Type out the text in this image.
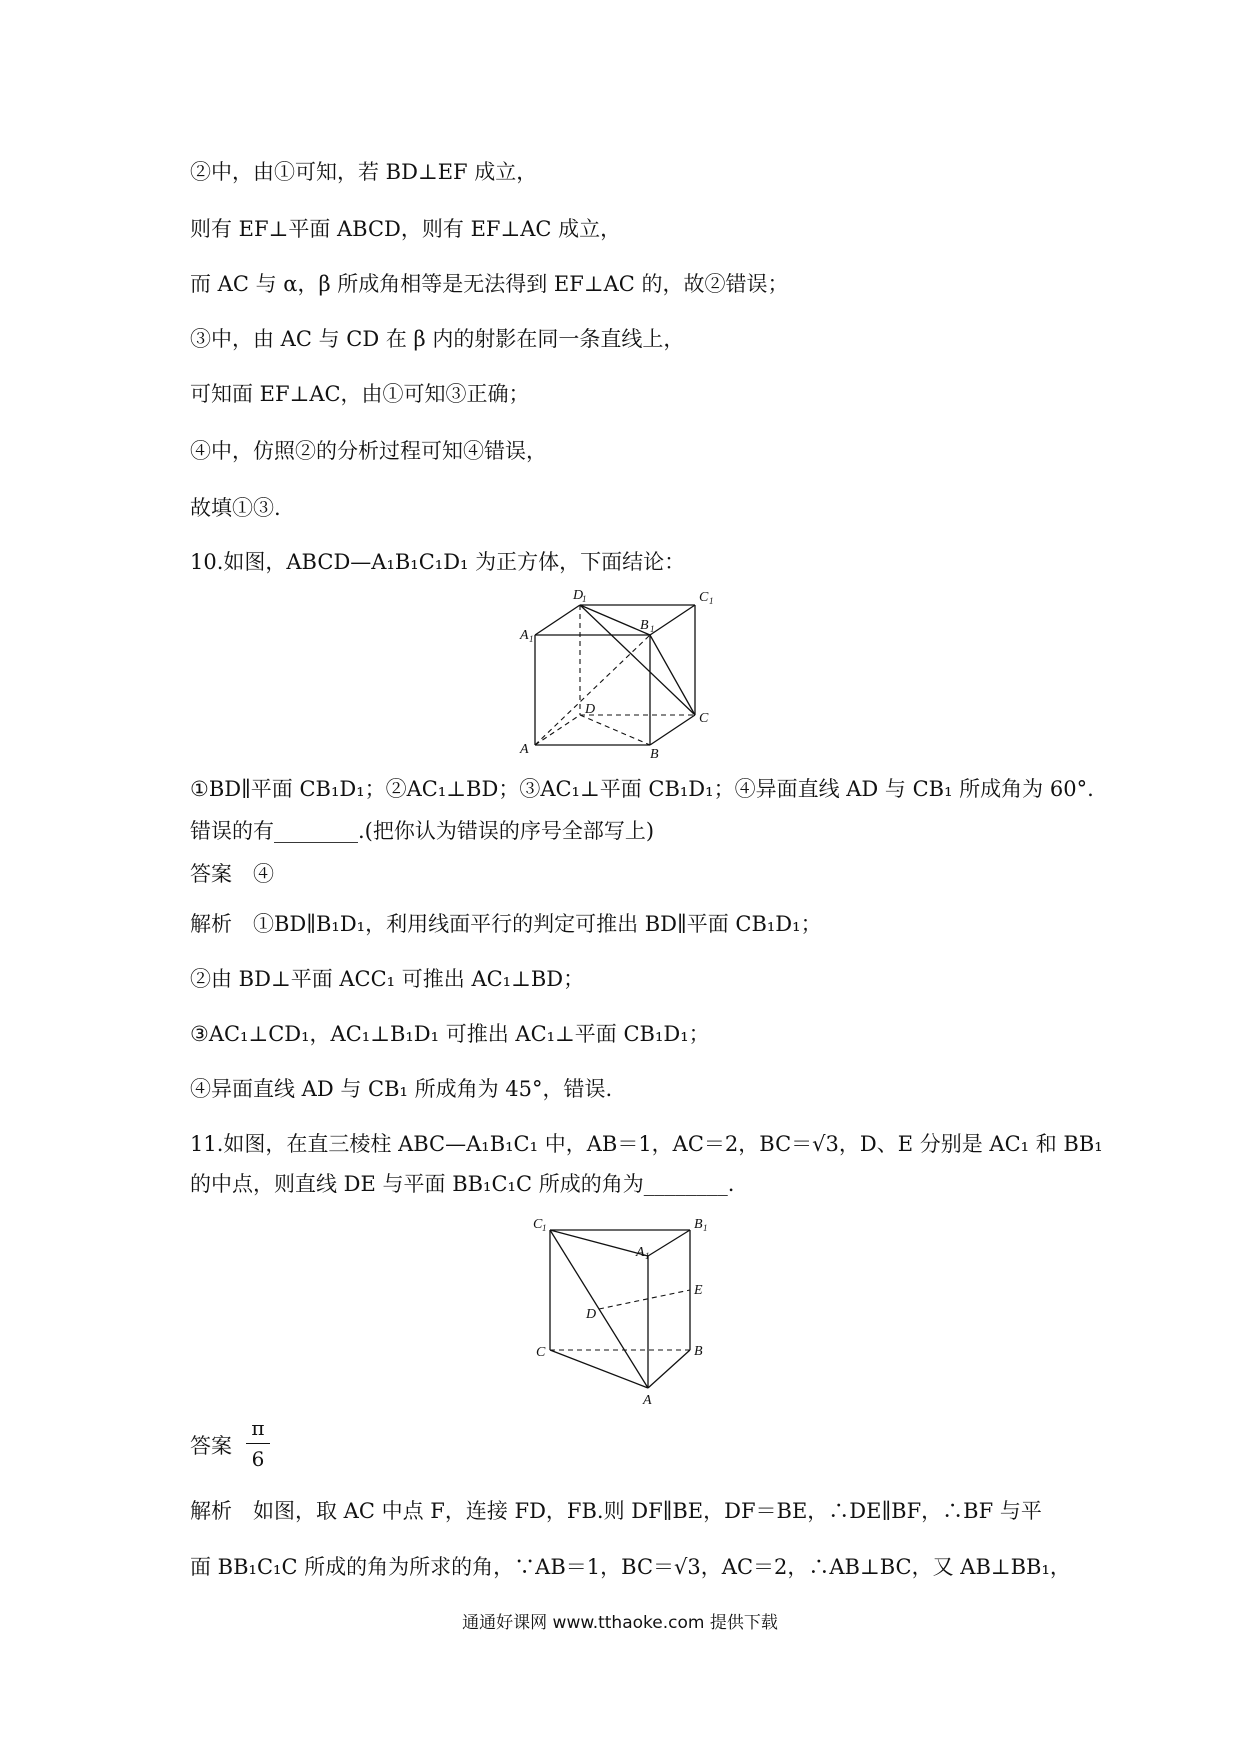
②中，由①可知，若 BD⊥EF 成立，
则有 EF⊥平面 ABCD，则有 EF⊥AC 成立，
而 AC 与 α，β 所成角相等是无法得到 EF⊥AC 的，故②错误；
③中，由 AC 与 CD 在 β 内的射影在同一条直线上，
可知面 EF⊥AC，由①可知③正确；
④中，仿照②的分析过程可知④错误，
故填①③.
10.如图，ABCD—A₁B₁C₁D₁ 为正方体，下面结论：
D
1	C 1
A 1
B 1
D
C
A	B
①BD∥平面 CB₁D₁；②AC₁⊥BD；③AC₁⊥平面 CB₁D₁；④异面直线 AD 与 CB₁ 所成角为 60°.
错误的有________.(把你认为错误的序号全部写上)
答案　④
解析　①BD∥B₁D₁，利用线面平行的判定可推出 BD∥平面 CB₁D₁；
②由 BD⊥平面 ACC₁ 可推出 AC₁⊥BD；
③AC₁⊥CD₁，AC₁⊥B₁D₁ 可推出 AC₁⊥平面 CB₁D₁；
④异面直线 AD 与 CB₁ 所成角为 45°，错误.
11.如图，在直三棱柱 ABC—A₁B₁C₁ 中，AB＝1，AC＝2，BC＝√3，D、E 分别是 AC₁ 和 BB₁
的中点，则直线 DE 与平面 BB₁C₁C 所成的角为________.
C 1	B 1
A 1
E
D
C	B
A
答案
π
6
解析　如图，取 AC 中点 F，连接 FD，FB.则 DF∥BE，DF＝BE，∴DE∥BF，∴BF 与平
面 BB₁C₁C 所成的角为所求的角，∵AB＝1，BC＝√3，AC＝2，∴AB⊥BC，又 AB⊥BB₁，
通通好课网 www.tthaoke.com 提供下载
